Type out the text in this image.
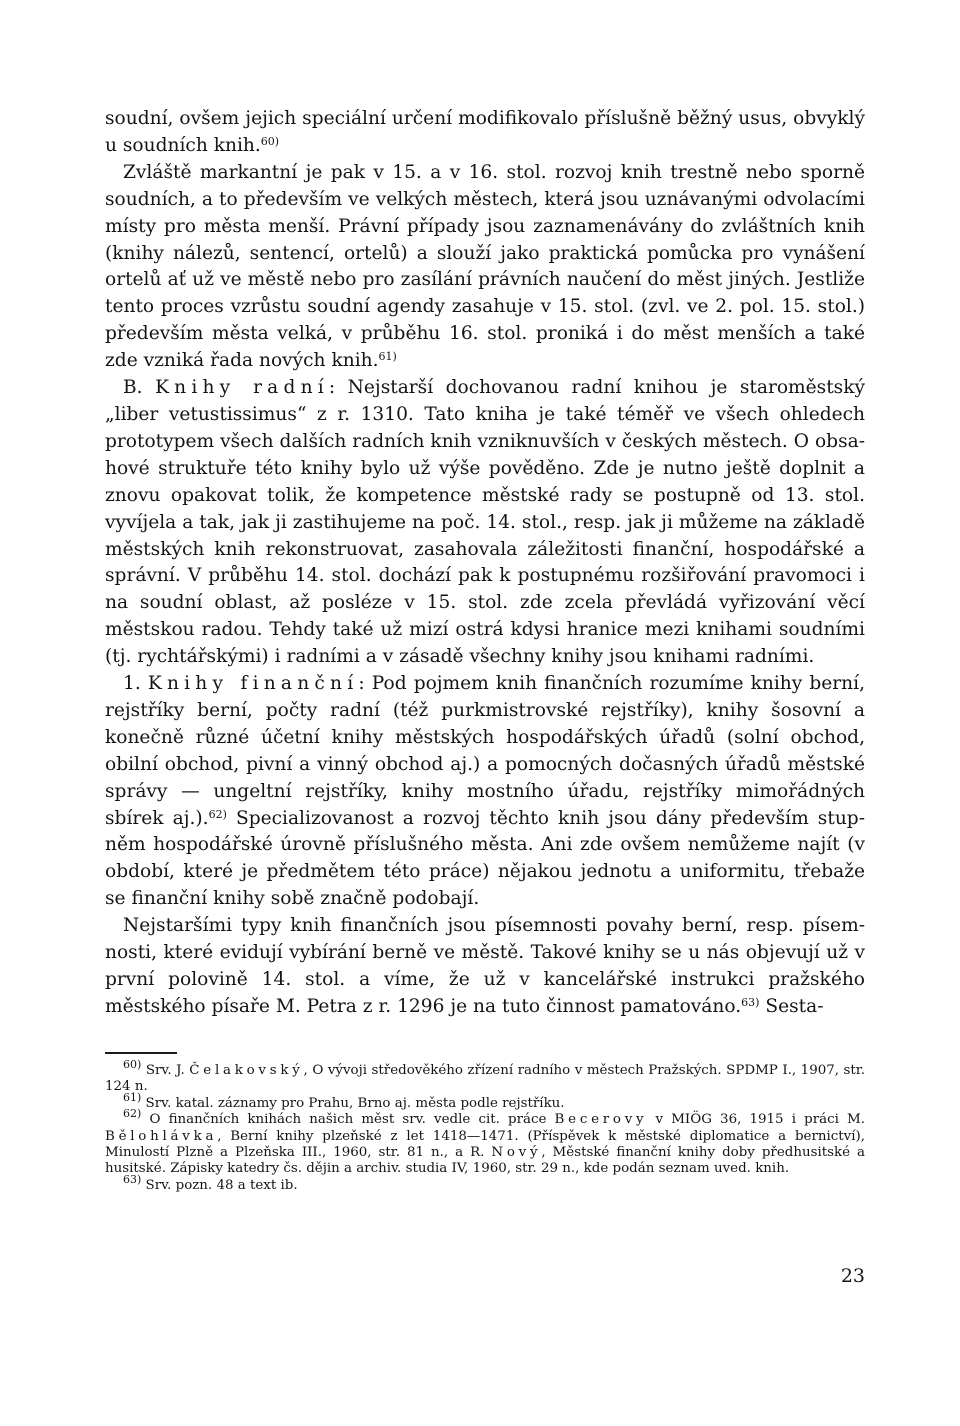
soudní, ovšem jejich speciální určení modifikovalo příslušně běžný usus, obvyklý u soudních knih.$^{60)}$

Zvláště markantní je pak v 15. a v 16. stol. rozvoj knih trestně nebo sporně soudních, a to především ve velkých městech, která jsou uznávanými odvolacími místy pro města menší. Právní případy jsou zaznamenávány do zvláštních knih (knihy nálezů, sentencí, ortelů) a slouží jako praktická pomůcka pro vynášení ortelů ať už ve městě nebo pro zasílání právních naučení do měst jiných. Jestliže tento proces vzrůstu soudní agendy zasahuje v 15. stol. (zvl. ve 2. pol. 15. stol.) především města velká, v průběhu 16. stol. proniká i do měst menších a také zde vzniká řada nových knih.$^{61)}$

B. Knihy radní: Nejstarší dochovanou radní knihou je staroměstský „liber vetustissimus“ z r. 1310. Tato kniha je také téměř ve všech ohledech prototypem všech dalších radních knih vzniknuvších v českých městech. O obsahové struktuře této knihy bylo už výše pověděno. Zde je nutno ještě doplnit a znovu opakovat tolik, že kompetence městské rady se postupně od 13. stol. vyvíjela a tak, jak ji zastihujeme na poč. 14. stol., resp. jak ji můžeme na základě městských knih rekonstruovat, zasahovala záležitosti finanční, hospodářské a správní. V průběhu 14. stol. dochází pak k postupnému rozšiřování pravomoci i na soudní oblast, až posléze v 15. stol. zde zcela převládá vyřizování věcí městskou radou. Tehdy také už mizí ostrá kdysi hranice mezi knihami soudními (tj. rychtářskými) i radními a v zásadě všechny knihy jsou knihami radními.

1. Knihy finanční: Pod pojmem knih finančních rozumíme knihy berní, rejstříky berní, počty radní (též purkmistrovské rejstříky), knihy šosovní a konečně různé účetní knihy městských hospodářských úřadů (solní obchod, obilní obchod, pivní a vinný obchod aj.) a pomocných dočasných úřadů městské správy — ungeltní rejstříky, knihy mostního úřadu, rejstříky mimořádných sbírek aj.).$^{62)}$ Specializovanost a rozvoj těchto knih jsou dány především stupněm hospodářské úrovně příslušného města. Ani zde ovšem nemůžeme najít (v období, které je předmětem této práce) nějakou jednotu a uniformitu, třebaže se finanční knihy sobě značně podobají.

Nejstaršími typy knih finančních jsou písemnosti povahy berní, resp. písemnosti, které evidují vybírání berně ve městě. Takové knihy se u nás objevují už v první polovině 14. stol. a víme, že už v kancelářské instrukci pražského městského písaře M. Petra z r. 1296 je na tuto činnost pamatováno.$^{63)}$ Sesta-

$^{60)}$ Srv. J. Čelakovský, O vývoji středověkého zřízení radního v městech Pražských. SPDMP I., 1907, str. 124 n.

$^{61)}$ Srv. katal. záznamy pro Prahu, Brno aj. města podle rejstříku.

$^{62)}$ O finančních knihách našich měst srv. vedle cit. práce Becerovy v MIÖG 36, 1915 i práci M. Bělohlávka, Berní knihy plzeňské z let 1418—1471. (Příspěvek k městské diplomatice a bernictví), Minulostí Plzně a Plzeňska III., 1960, str. 81 n., a R. Nový, Městské finanční knihy doby předhusitské a husitské. Zápisky katedry čs. dějin a archiv. studia IV, 1960, str. 29 n., kde podán seznam uved. knih.

$^{63)}$ Srv. pozn. 48 a text ib.

23
